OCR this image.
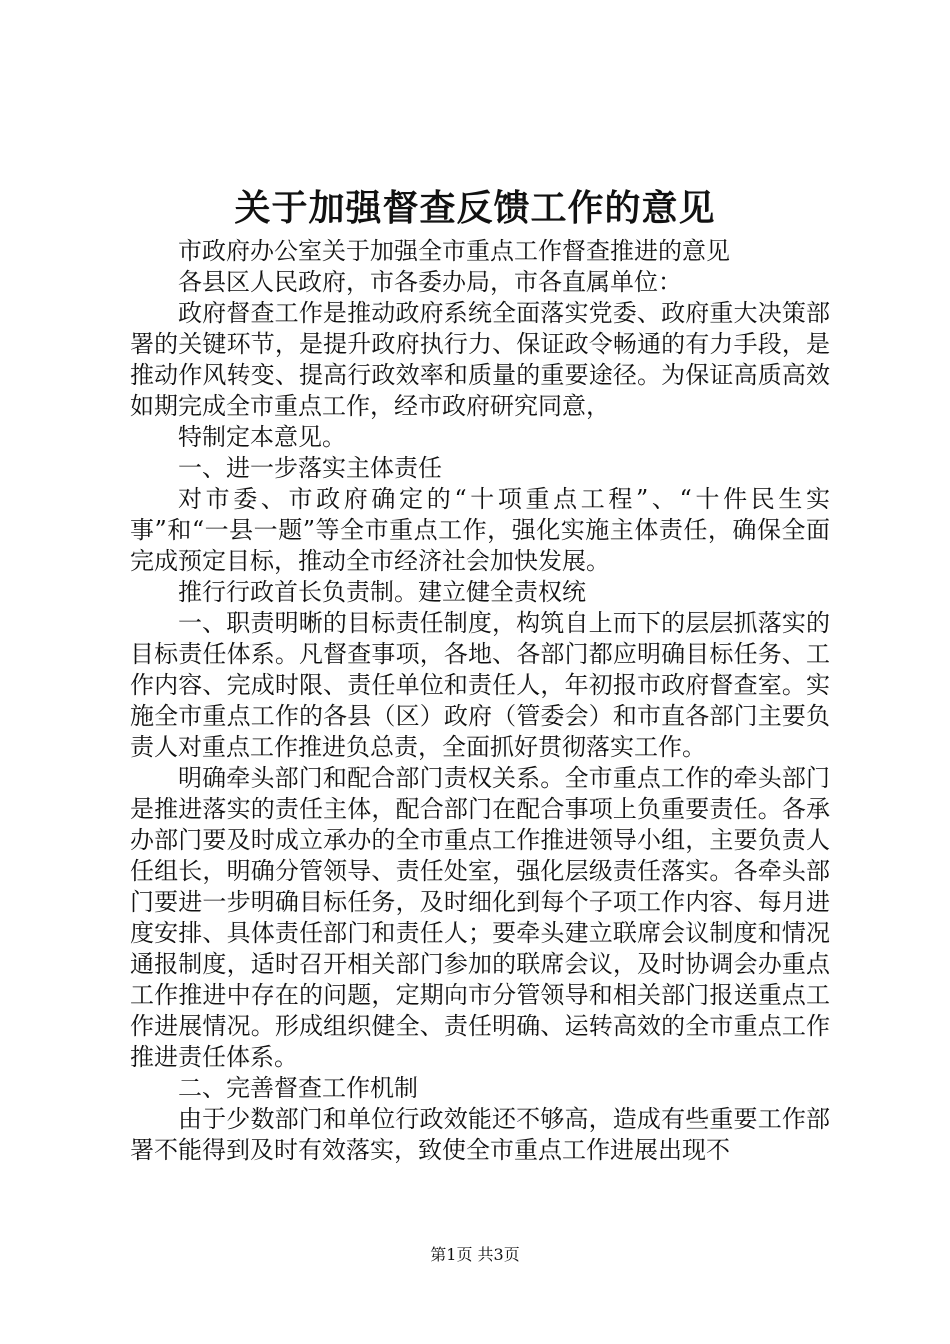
关于加强督查反馈工作的意见

市政府办公室关于加强全市重点工作督查推进的意见

各县区人民政府，市各委办局，市各直属单位：

政府督查工作是推动政府系统全面落实党委、政府重大决策部署的关键环节，是提升政府执行力、保证政令畅通的有力手段，是推动作风转变、提高行政效率和质量的重要途径。为保证高质高效如期完成全市重点工作，经市政府研究同意，

特制定本意见。

一、进一步落实主体责任

对市委、市政府确定的“十项重点工程”、“十件民生实事”和“一县一题”等全市重点工作，强化实施主体责任，确保全面完成预定目标，推动全市经济社会加快发展。

推行行政首长负责制。建立健全责权统

一、职责明晰的目标责任制度，构筑自上而下的层层抓落实的目标责任体系。凡督查事项，各地、各部门都应明确目标任务、工作内容、完成时限、责任单位和责任人，年初报市政府督查室。实施全市重点工作的各县（区）政府（管委会）和市直各部门主要负责人对重点工作推进负总责，全面抓好贯彻落实工作。

明确牵头部门和配合部门责权关系。全市重点工作的牵头部门是推进落实的责任主体，配合部门在配合事项上负重要责任。各承办部门要及时成立承办的全市重点工作推进领导小组，主要负责人任组长，明确分管领导、责任处室，强化层级责任落实。各牵头部门要进一步明确目标任务，及时细化到每个子项工作内容、每月进度安排、具体责任部门和责任人；要牵头建立联席会议制度和情况通报制度，适时召开相关部门参加的联席会议，及时协调会办重点工作推进中存在的问题，定期向市分管领导和相关部门报送重点工作进展情况。形成组织健全、责任明确、运转高效的全市重点工作推进责任体系。

二、完善督查工作机制

由于少数部门和单位行政效能还不够高，造成有些重要工作部署不能得到及时有效落实，致使全市重点工作进展出现不

第1页 共3页
